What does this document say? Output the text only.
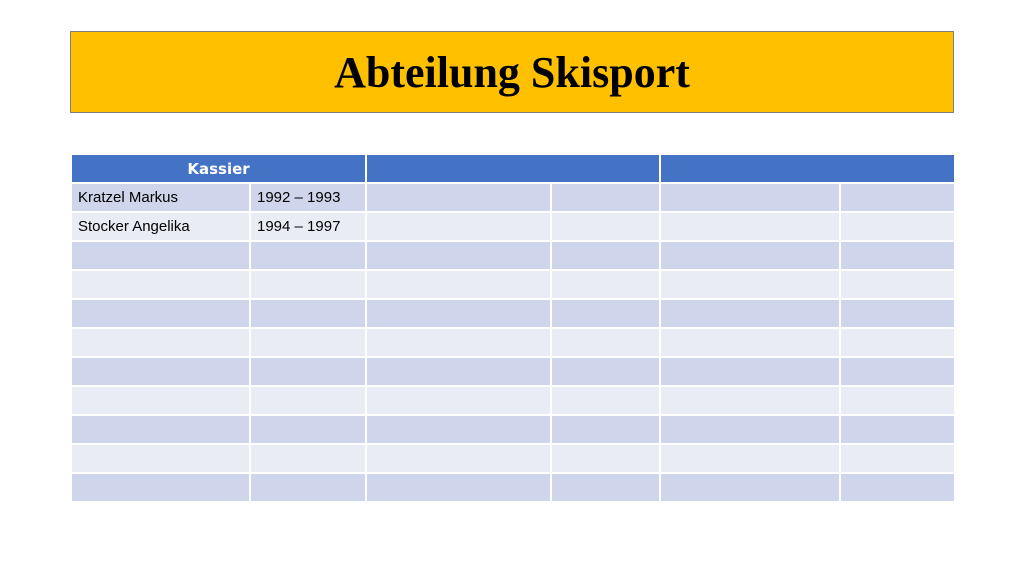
Abteilung Skisport
Kassier					
Kratzel Markus	1992 – 1993				
Stocker Angelika	1994 – 1997				
